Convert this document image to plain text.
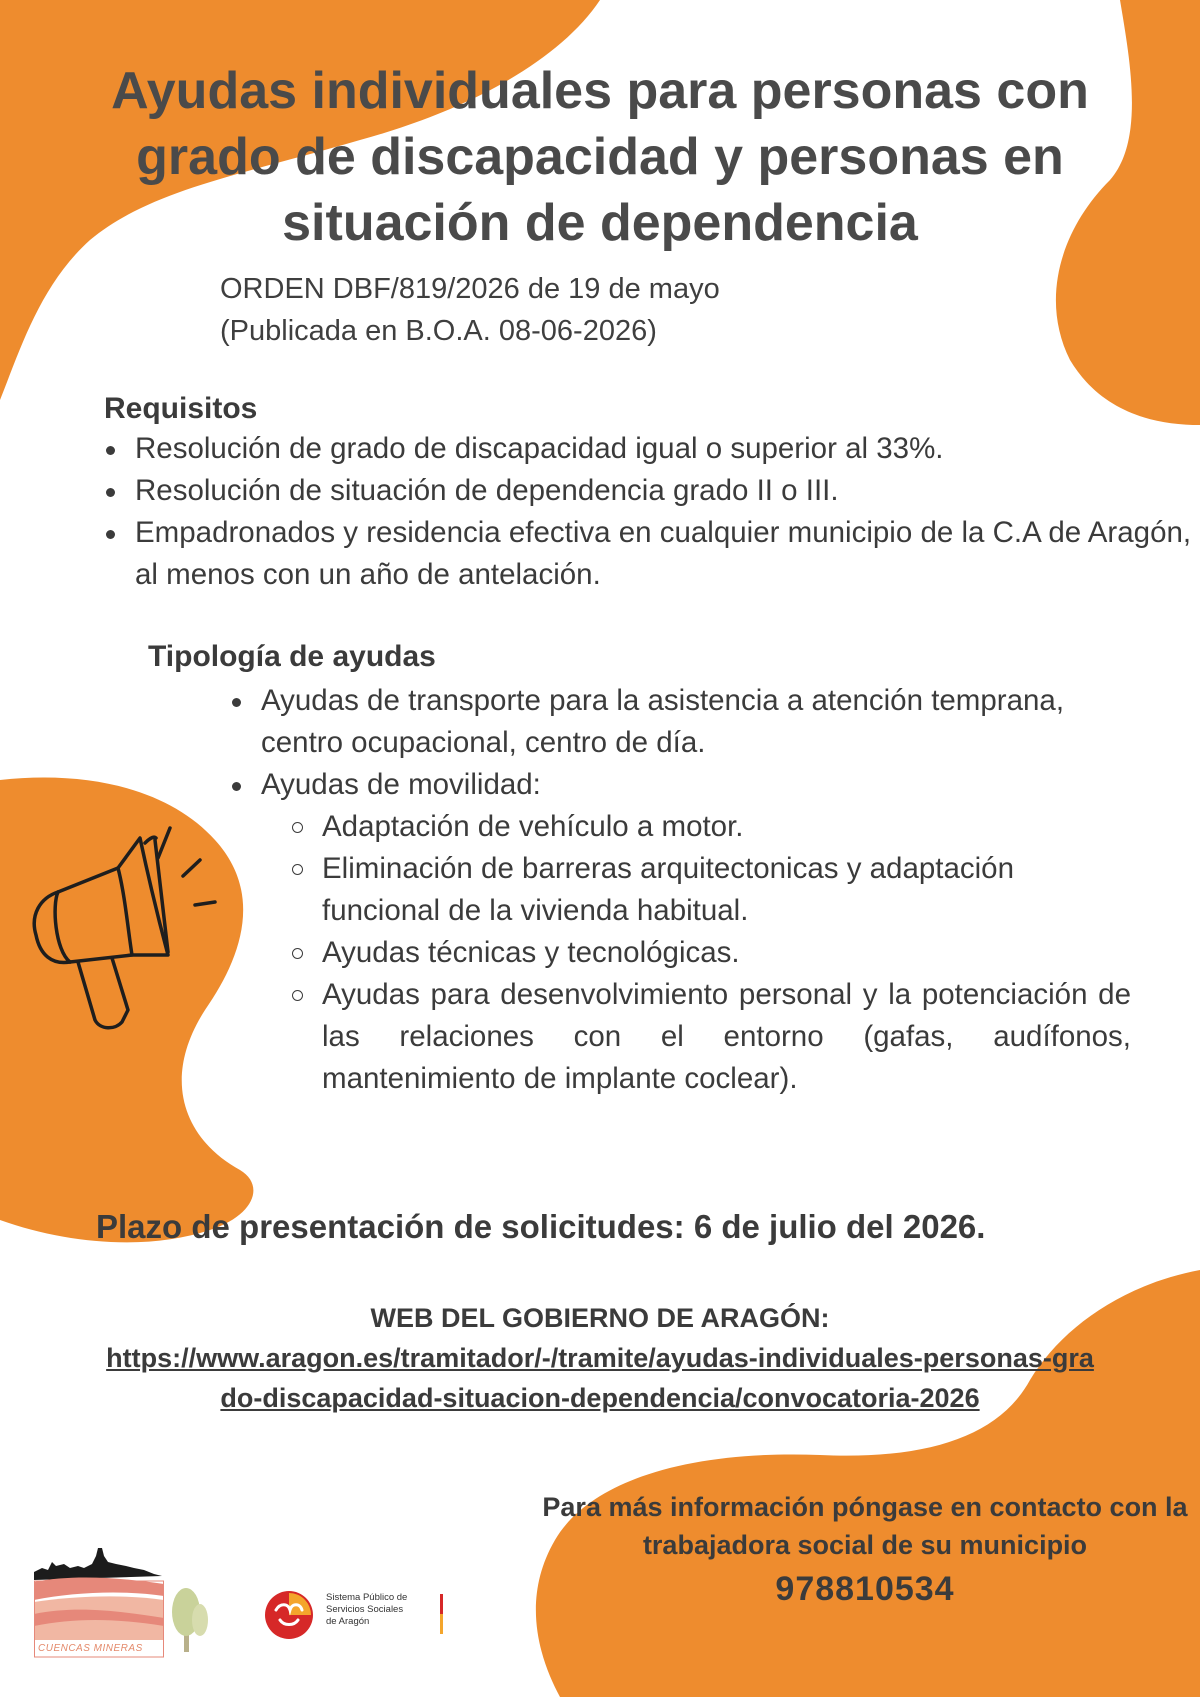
Ayudas individuales para personas con grado de discapacidad y personas en situación de dependencia
ORDEN DBF/819/2026 de 19 de mayo
(Publicada en B.O.A. 08-06-2026)
Requisitos
Resolución de grado de discapacidad igual o superior al 33%.
Resolución de situación de dependencia grado II o III.
Empadronados y residencia efectiva en cualquier municipio de la C.A de Aragón, al menos con un año de antelación.
Tipología de ayudas
Ayudas de transporte para la asistencia a atención temprana, centro ocupacional, centro de día.
Ayudas de movilidad:
Adaptación de vehículo a motor.
Eliminación de barreras arquitectonicas y adaptación funcional de la vivienda habitual.
Ayudas técnicas y tecnológicas.
Ayudas para desenvolvimiento personal y la potenciación de las relaciones con el entorno (gafas, audífonos, mantenimiento de implante coclear).
Plazo de presentación de solicitudes: 6 de julio del 2026.
WEB DEL GOBIERNO DE ARAGÓN:
https://www.aragon.es/tramitador/-/tramite/ayudas-individuales-personas-grado-discapacidad-situacion-dependencia/convocatoria-2026
Para más información póngase en contacto con la trabajadora social de su municipio
978810534
CUENCAS MINERAS
Sistema Público de
Servicios Sociales
de Aragón
